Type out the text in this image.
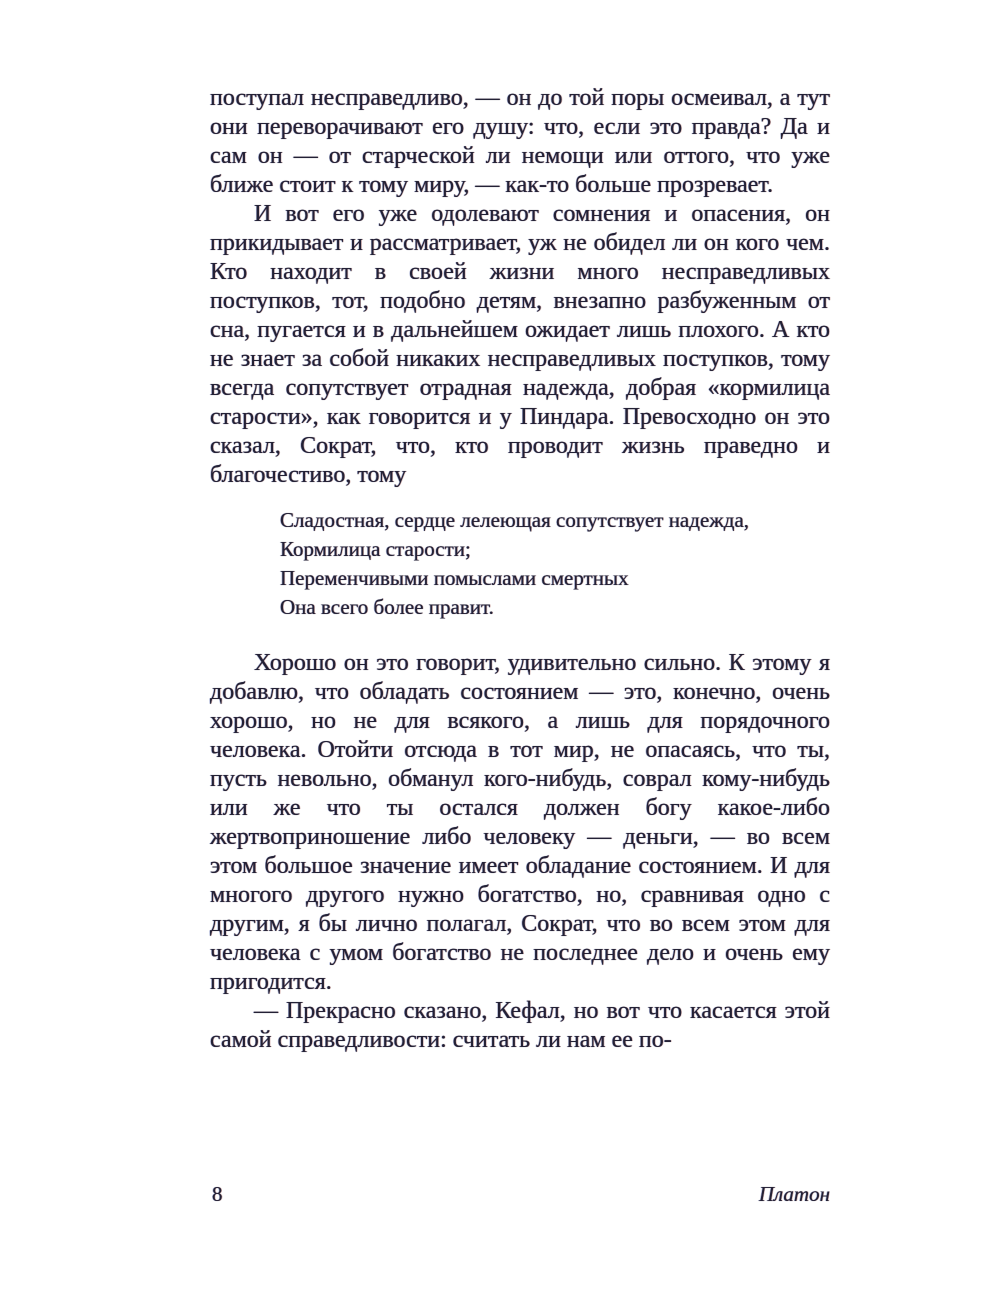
поступал несправедливо, — он до той поры осмеивал, а тут они переворачивают его душу: что, если это правда? Да и сам он — от старческой ли немощи или оттого, что уже ближе стоит к тому миру, — как-то больше прозревает.

И вот его уже одолевают сомнения и опасения, он прикидывает и рассматривает, уж не обидел ли он кого чем. Кто находит в своей жизни много несправедливых поступков, тот, подобно детям, внезапно разбуженным от сна, пугается и в дальнейшем ожидает лишь плохого. А кто не знает за собой никаких несправедливых поступков, тому всегда сопутствует отрадная надежда, добрая «кормилица старости», как говорится и у Пиндара. Превосходно он это сказал, Сократ, что, кто проводит жизнь праведно и благочестиво, тому

Сладостная, сердце лелеющая сопутствует надежда,
Кормилица старости;
Переменчивыми помыслами смертных
Она всего более правит.

Хорошо он это говорит, удивительно сильно. К этому я добавлю, что обладать состоянием — это, конечно, очень хорошо, но не для всякого, а лишь для порядочного человека. Отойти отсюда в тот мир, не опасаясь, что ты, пусть невольно, обманул кого-нибудь, соврал кому-нибудь или же что ты остался должен богу какое-либо жертвоприношение либо человеку — деньги, — во всем этом большое значение имеет обладание состоянием. И для многого другого нужно богатство, но, сравнивая одно с другим, я бы лично полагал, Сократ, что во всем этом для человека с умом богатство не последнее дело и очень ему пригодится.

— Прекрасно сказано, Кефал, но вот что касается этой самой справедливости: считать ли нам ее по-

8	Платон
